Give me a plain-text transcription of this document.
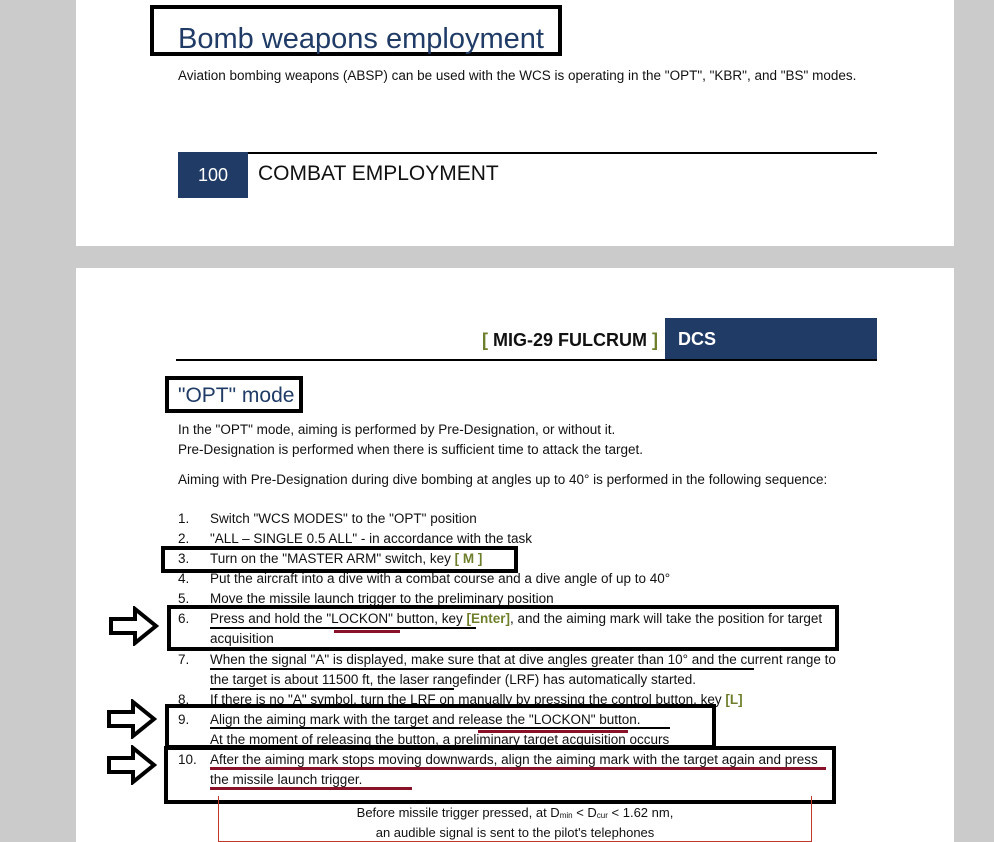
Bomb weapons employment
Aviation bombing weapons (ABSP) can be used with the WCS is operating in the "OPT", "KBR", and "BS" modes.
100	COMBAT EMPLOYMENT
[ MIG-29 FULCRUM ]	DCS
"OPT" mode
In the "OPT" mode, aiming is performed by Pre-Designation, or without it.
Pre-Designation is performed when there is sufficient time to attack the target.
Aiming with Pre-Designation during dive bombing at angles up to 40° is performed in the following sequence:
1. Switch "WCS MODES" to the "OPT" position
2. "ALL – SINGLE 0.5 ALL" - in accordance with the task
3. Turn on the "MASTER ARM" switch, key [ M ]
4. Put the aircraft into a dive with a combat course and a dive angle of up to 40°
5. Move the missile launch trigger to the preliminary position
6. Press and hold the "LOCKON" button, key [Enter], and the aiming mark will take the position for target acquisition
7. When the signal "A" is displayed, make sure that at dive angles greater than 10° and the current range to the target is about 11500 ft, the laser rangefinder (LRF) has automatically started.
8. If there is no "A" symbol, turn the LRF on manually by pressing the control button, key [L]
9. Align the aiming mark with the target and release the "LOCKON" button.
At the moment of releasing the button, a preliminary target acquisition occurs
10. After the aiming mark stops moving downwards, align the aiming mark with the target again and press the missile launch trigger.
Before missile trigger pressed, at $D_{min} < D_{cur} < 1.62$ nm,
an audible signal is sent to the pilot's telephones
